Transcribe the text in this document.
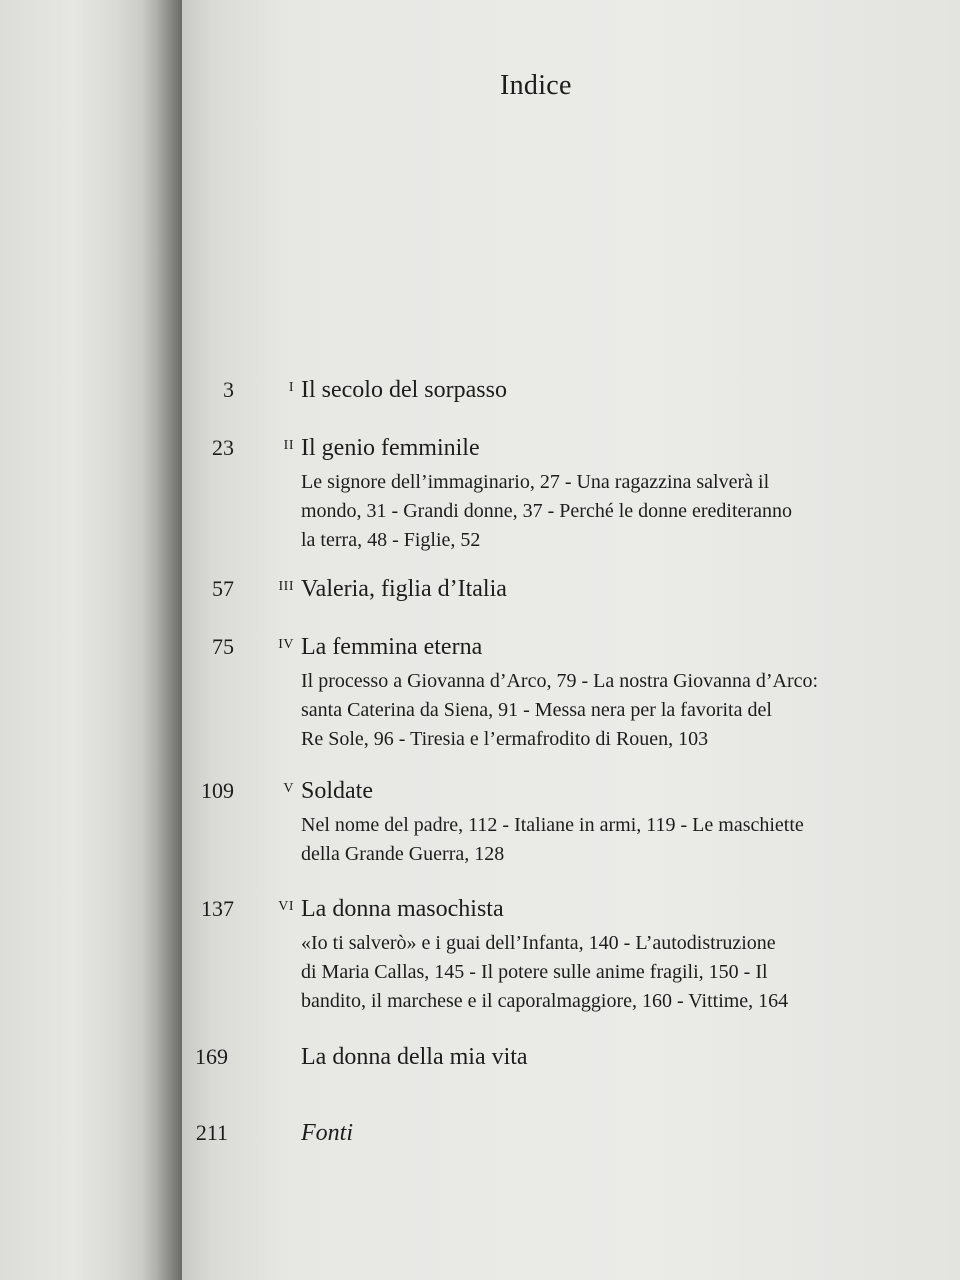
Indice
3	I Il secolo del sorpasso
23	II Il genio femminile
Le signore dell’immaginario, 27 - Una ragazzina salverà il
mondo, 31 - Grandi donne, 37 - Perché le donne erediteranno
la terra, 48 - Figlie, 52
57	III Valeria, figlia d’Italia
75	IV La femmina eterna
Il processo a Giovanna d’Arco, 79 - La nostra Giovanna d’Arco:
santa Caterina da Siena, 91 - Messa nera per la favorita del
Re Sole, 96 - Tiresia e l’ermafrodito di Rouen, 103
109	V Soldate
Nel nome del padre, 112 - Italiane in armi, 119 - Le maschiette
della Grande Guerra, 128
137	VI La donna masochista
«Io ti salverò» e i guai dell’Infanta, 140 - L’autodistruzione
di Maria Callas, 145 - Il potere sulle anime fragili, 150 - Il
bandito, il marchese e il caporalmaggiore, 160 - Vittime, 164
169	La donna della mia vita
211	Fonti
